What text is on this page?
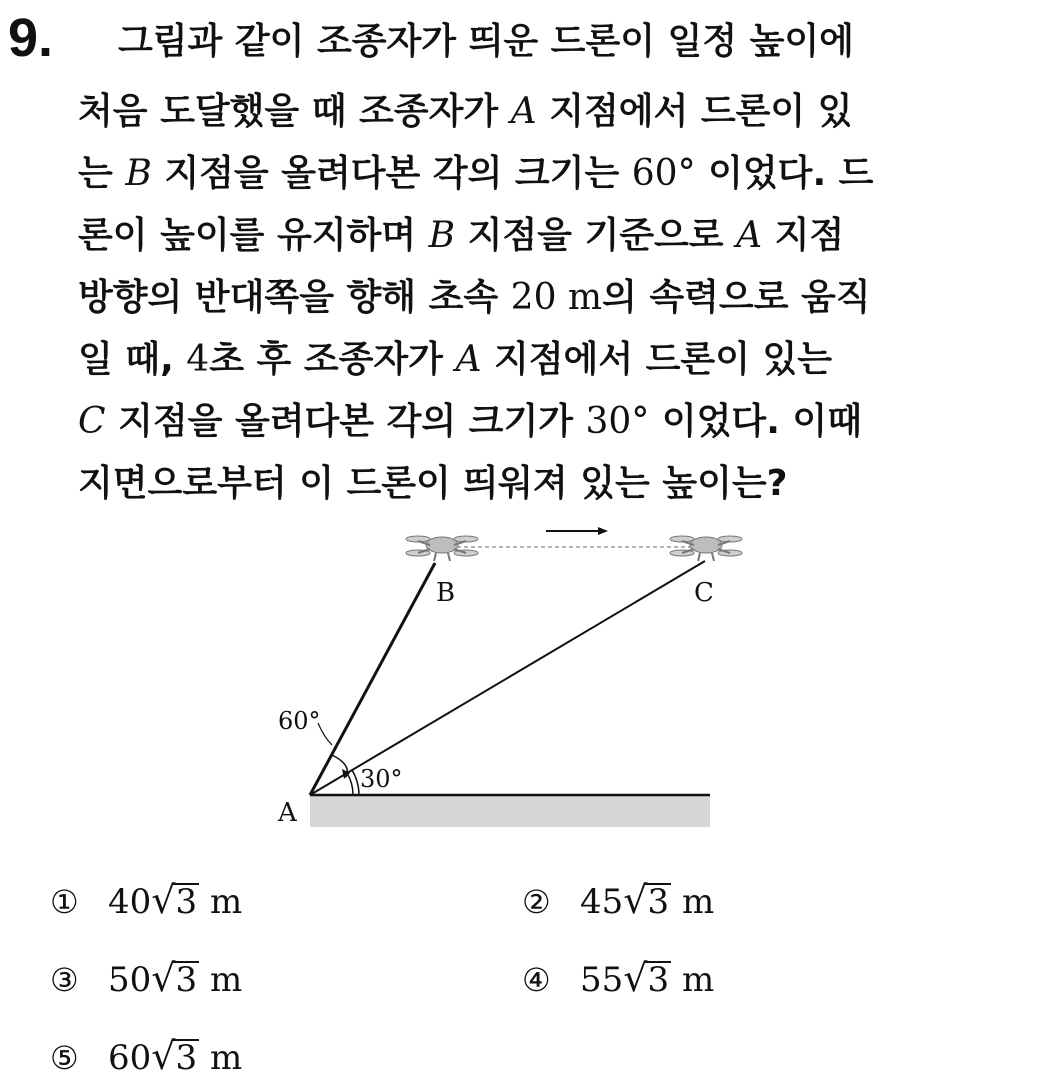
9. 그림과 같이 조종자가 띄운 드론이 일정 높이에
처음 도달했을 때 조종자가 A 지점에서 드론이 있
는 B 지점을 올려다본 각의 크기는 60° 이었다. 드
론이 높이를 유지하며 B 지점을 기준으로 A 지점
방향의 반대쪽을 향해 초속 20 m의 속력으로 움직
일 때, 4초 후 조종자가 A 지점에서 드론이 있는
C 지점을 올려다본 각의 크기가 30° 이었다. 이때
지면으로부터 이 드론이 띄워져 있는 높이는?
B	C
A
60°
30°
① 40√3 m	② 45√3 m
③ 50√3 m	④ 55√3 m
⑤ 60√3 m
